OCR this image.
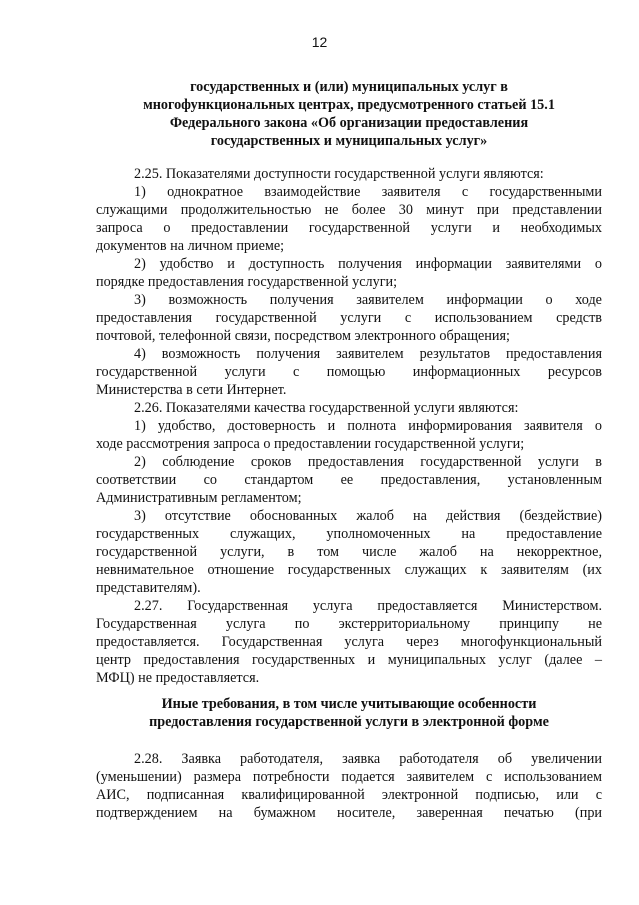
12
государственных и (или) муниципальных услуг в
многофункциональных центрах, предусмотренного статьей 15.1
Федерального закона «Об организации предоставления
государственных и муниципальных услуг»
2.25. Показателями доступности государственной услуги являются:
1) однократное взаимодействие заявителя с государственными
служащими продолжительностью не более 30 минут при представлении
запроса о предоставлении государственной услуги и необходимых
документов на личном приеме;
2) удобство и доступность получения информации заявителями о
порядке предоставления государственной услуги;
3) возможность получения заявителем информации о ходе
предоставления государственной услуги с использованием средств
почтовой, телефонной связи, посредством электронного обращения;
4) возможность получения заявителем результатов предоставления
государственной услуги с помощью информационных ресурсов
Министерства в сети Интернет.
2.26. Показателями качества государственной услуги являются:
1) удобство, достоверность и полнота информирования заявителя о
ходе рассмотрения запроса о предоставлении государственной услуги;
2) соблюдение сроков предоставления государственной услуги в
соответствии со стандартом ее предоставления, установленным
Административным регламентом;
3) отсутствие обоснованных жалоб на действия (бездействие)
государственных служащих, уполномоченных на предоставление
государственной услуги, в том числе жалоб на некорректное,
невнимательное отношение государственных служащих к заявителям (их
представителям).
2.27. Государственная услуга предоставляется Министерством.
Государственная услуга по экстерриториальному принципу не
предоставляется. Государственная услуга через многофункциональный
центр предоставления государственных и муниципальных услуг (далее –
МФЦ) не предоставляется.
Иные требования, в том числе учитывающие особенности
предоставления государственной услуги в электронной форме
2.28. Заявка работодателя, заявка работодателя об увеличении
(уменьшении) размера потребности подается заявителем с использованием
АИС, подписанная квалифицированной электронной подписью, или с
подтверждением на бумажном носителе, заверенная печатью (при
